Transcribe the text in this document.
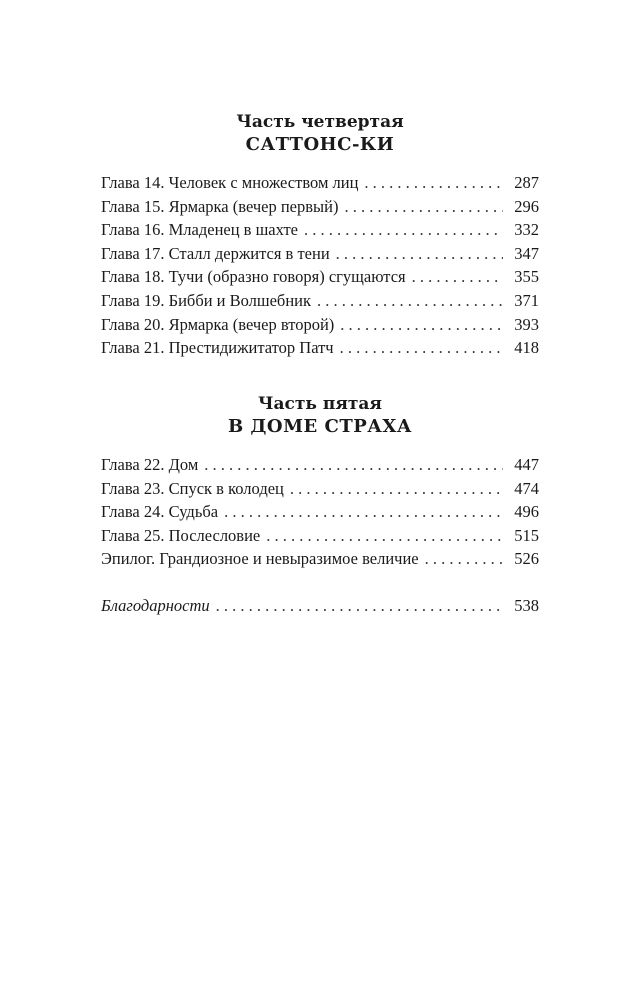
Часть четвертая
САТТОНС-КИ
Глава 14. Человек с множеством лиц . . .	287
Глава 15. Ярмарка (вечер первый) . . .	296
Глава 16. Младенец в шахте . . .	332
Глава 17. Сталл держится в тени . . .	347
Глава 18. Тучи (образно говоря) сгущаются . . .	355
Глава 19. Бибби и Волшебник . . .	371
Глава 20. Ярмарка (вечер второй) . . .	393
Глава 21. Престидижитатор Патч . . .	418
Часть пятая
В ДОМЕ СТРАХА
Глава 22. Дом . . .	447
Глава 23. Спуск в колодец . . .	474
Глава 24. Судьба . . .	496
Глава 25. Послесловие . . .	515
Эпилог. Грандиозное и невыразимое величие . . .	526
Благодарности . . .	538
